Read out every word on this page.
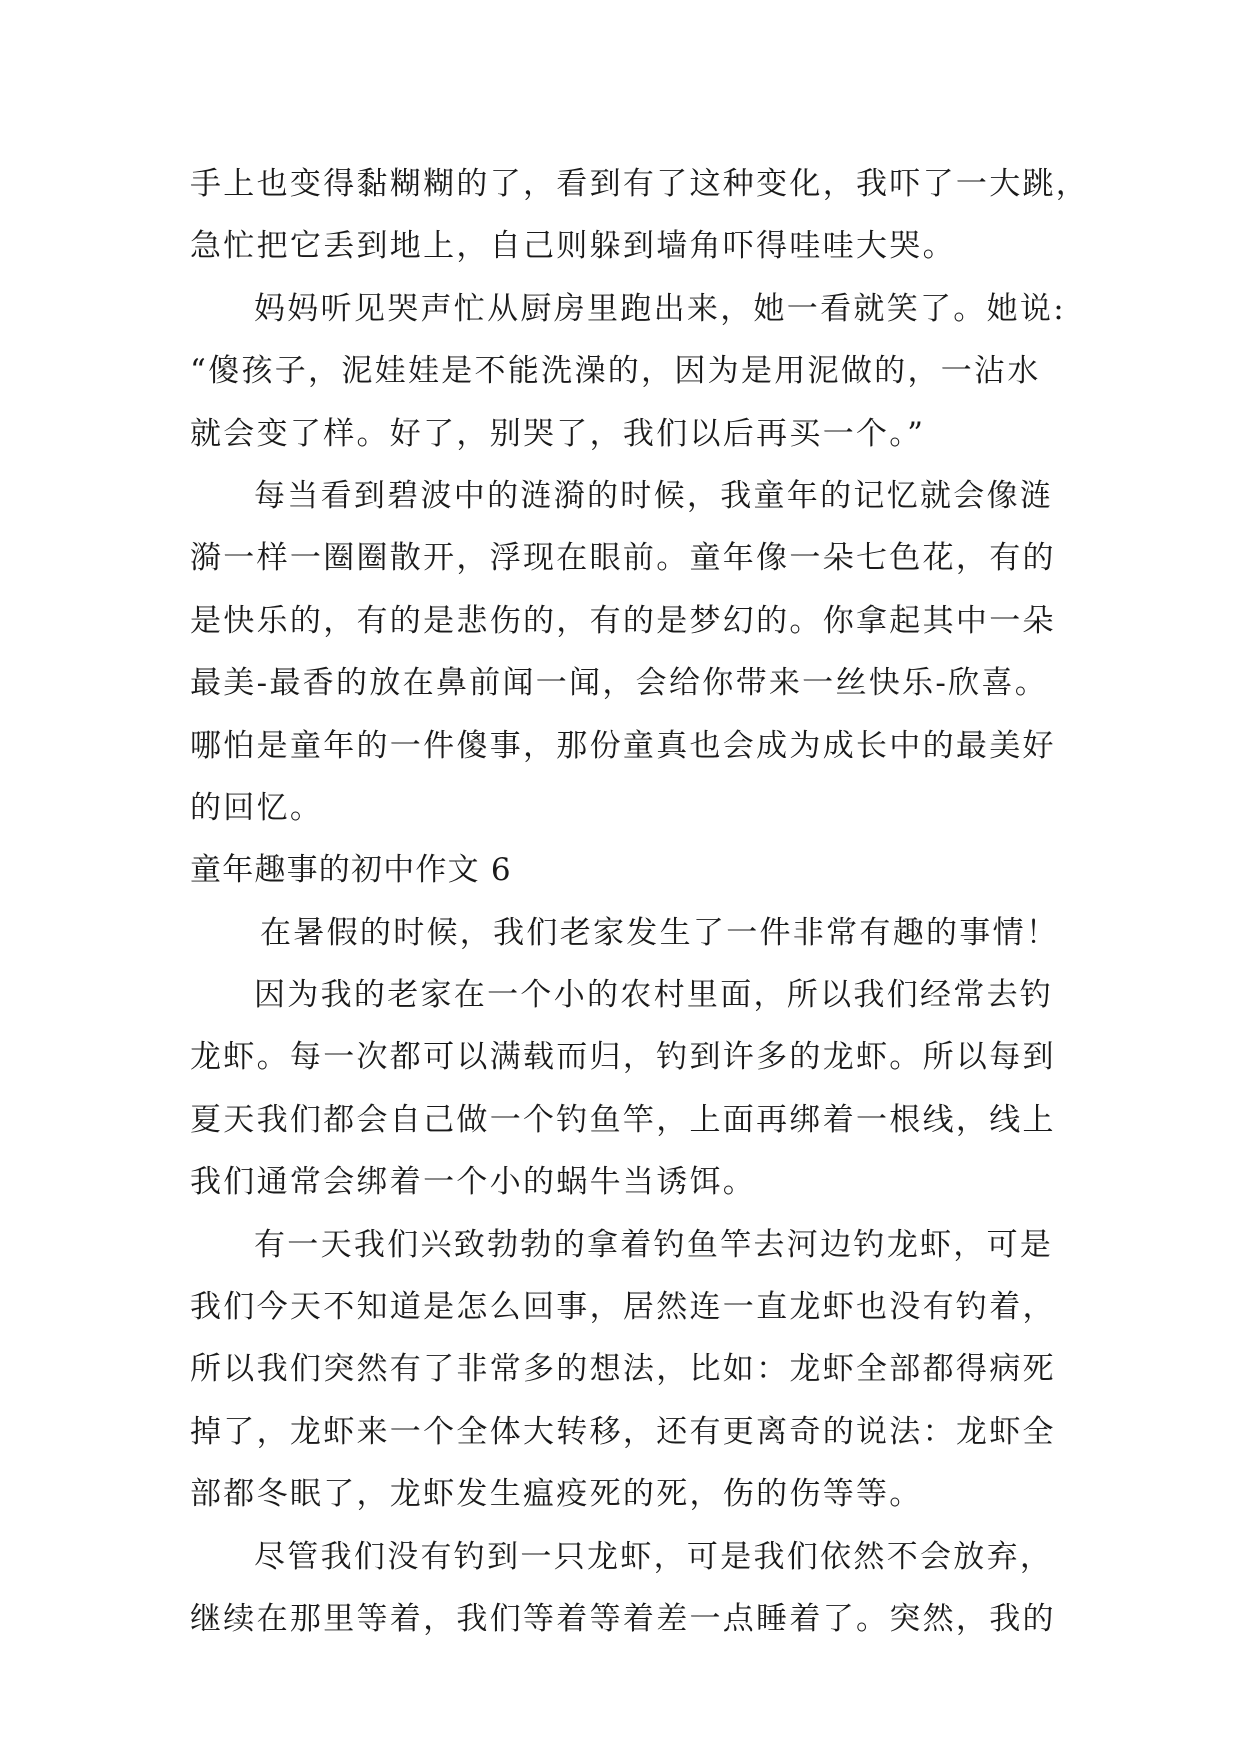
手上也变得黏糊糊的了，看到有了这种变化，我吓了一大跳，
急忙把它丢到地上，自己则躲到墙角吓得哇哇大哭。
妈妈听见哭声忙从厨房里跑出来，她一看就笑了。她说:
“傻孩子，泥娃娃是不能洗澡的，因为是用泥做的，一沾水
就会变了样。好了，别哭了，我们以后再买一个。”
每当看到碧波中的涟漪的时候，我童年的记忆就会像涟
漪一样一圈圈散开，浮现在眼前。童年像一朵七色花，有的
是快乐的，有的是悲伤的，有的是梦幻的。你拿起其中一朵
最美-最香的放在鼻前闻一闻，会给你带来一丝快乐-欣喜。
哪怕是童年的一件傻事，那份童真也会成为成长中的最美好
的回忆。
童年趣事的初中作文 6
在暑假的时候，我们老家发生了一件非常有趣的事情！
因为我的老家在一个小的农村里面，所以我们经常去钓
龙虾。每一次都可以满载而归，钓到许多的龙虾。所以每到
夏天我们都会自己做一个钓鱼竿，上面再绑着一根线，线上
我们通常会绑着一个小的蜗牛当诱饵。
有一天我们兴致勃勃的拿着钓鱼竿去河边钓龙虾，可是
我们今天不知道是怎么回事，居然连一直龙虾也没有钓着，
所以我们突然有了非常多的想法，比如：龙虾全部都得病死
掉了，龙虾来一个全体大转移，还有更离奇的说法：龙虾全
部都冬眠了，龙虾发生瘟疫死的死，伤的伤等等。
尽管我们没有钓到一只龙虾，可是我们依然不会放弃，
继续在那里等着，我们等着等着差一点睡着了。突然，我的
